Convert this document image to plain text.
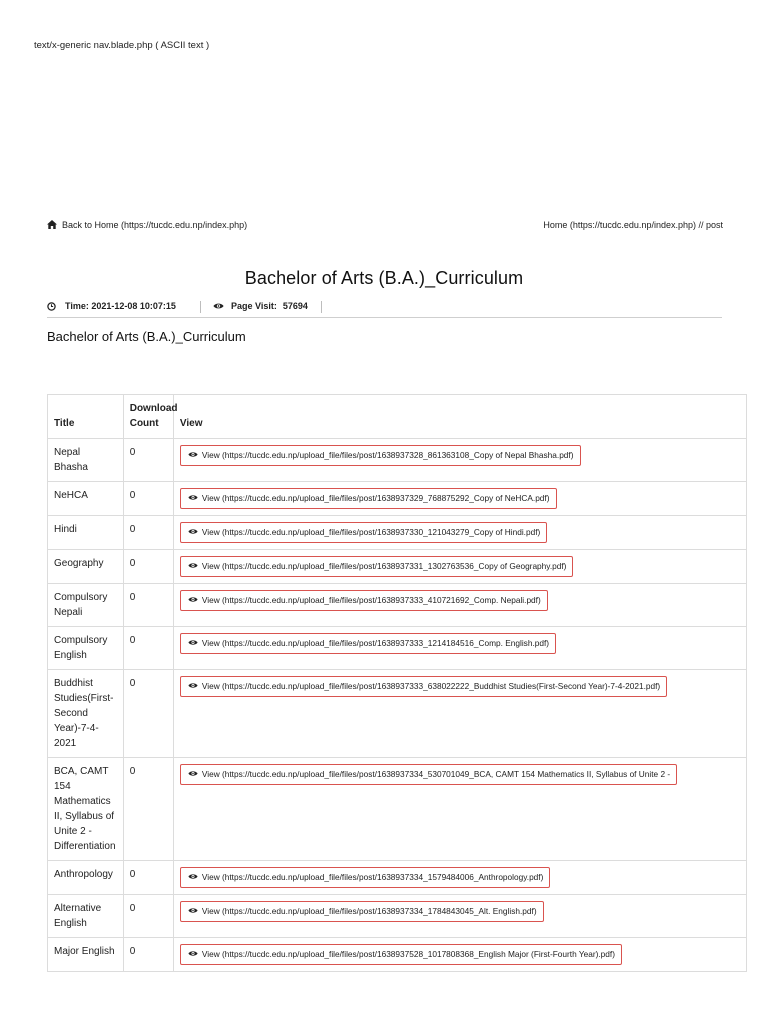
text/x-generic nav.blade.php ( ASCII text )
Back to Home (https://tucdc.edu.np/index.php)	Home (https://tucdc.edu.np/index.php) // post
Bachelor of Arts (B.A.)_Curriculum
Time: 2021-12-08 10:07:15	Page Visit: 57694
Bachelor of Arts (B.A.)_Curriculum
Title	Download Count	View
Nepal Bhasha	0	View (https://tucdc.edu.np/upload_file/files/post/1638937328_861363108_Copy of Nepal Bhasha.pdf)
NeHCA	0	View (https://tucdc.edu.np/upload_file/files/post/1638937329_768875292_Copy of NeHCA.pdf)
Hindi	0	View (https://tucdc.edu.np/upload_file/files/post/1638937330_121043279_Copy of Hindi.pdf)
Geography	0	View (https://tucdc.edu.np/upload_file/files/post/1638937331_1302763536_Copy of Geography.pdf)
Compulsory Nepali	0	View (https://tucdc.edu.np/upload_file/files/post/1638937333_410721692_Comp. Nepali.pdf)
Compulsory English	0	View (https://tucdc.edu.np/upload_file/files/post/1638937333_1214184516_Comp. English.pdf)
Buddhist Studies(First-Second Year)-7-4-2021	0	View (https://tucdc.edu.np/upload_file/files/post/1638937333_638022222_Buddhist Studies(First-Second Year)-7-4-2021.pdf)
BCA, CAMT 154 Mathematics II, Syllabus of Unite 2 - Differentiation	0	View (https://tucdc.edu.np/upload_file/files/post/1638937334_530701049_BCA, CAMT 154 Mathematics II, Syllabus of Unite 2 -
Anthropology	0	View (https://tucdc.edu.np/upload_file/files/post/1638937334_1579484006_Anthropology.pdf)
Alternative English	0	View (https://tucdc.edu.np/upload_file/files/post/1638937334_1784843045_Alt. English.pdf)
Major English	0	View (https://tucdc.edu.np/upload_file/files/post/1638937528_1017808368_English Major (First-Fourth Year).pdf)
